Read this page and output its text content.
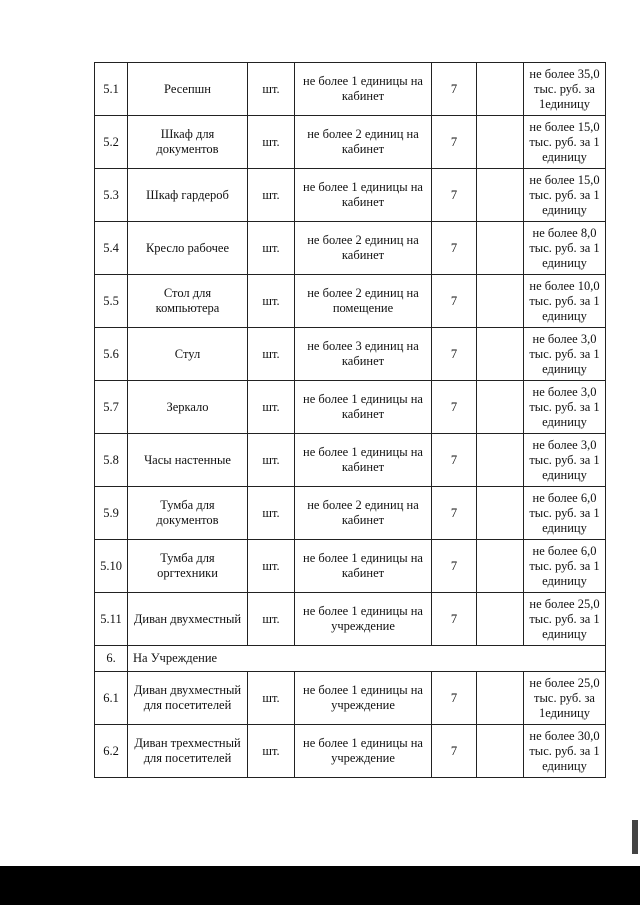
5.1	Ресепшн	шт.	не более 1 единицы на кабинет	7		не более 35,0 тыс. руб. за 1единицу
5.2	Шкаф для документов	шт.	не более 2 единиц на кабинет	7		не более 15,0 тыс. руб. за 1 единицу
5.3	Шкаф гардероб	шт.	не более 1 единицы на кабинет	7		не более 15,0 тыс. руб. за 1 единицу
5.4	Кресло рабочее	шт.	не более 2 единиц на кабинет	7		не более 8,0 тыс. руб. за 1 единицу
5.5	Стол для компьютера	шт.	не более 2 единиц на помещение	7		не более 10,0 тыс. руб. за 1 единицу
5.6	Стул	шт.	не более 3 единиц на кабинет	7		не более 3,0 тыс. руб. за 1 единицу
5.7	Зеркало	шт.	не более 1 единицы на кабинет	7		не более 3,0 тыс. руб. за 1 единицу
5.8	Часы настенные	шт.	не более 1 единицы на кабинет	7		не более 3,0 тыс. руб. за 1 единицу
5.9	Тумба для документов	шт.	не более 2 единиц на кабинет	7		не более 6,0 тыс. руб. за 1 единицу
5.10	Тумба для оргтехники	шт.	не более 1 единицы на кабинет	7		не более 6,0 тыс. руб. за 1 единицу
5.11	Диван двухместный	шт.	не более 1 единицы на учреждение	7		не более 25,0 тыс. руб. за 1 единицу
6.	На Учреждение					
6.1	Диван двухместный для посетителей	шт.	не более 1 единицы на учреждение	7		не более 25,0 тыс. руб. за 1единицу
6.2	Диван трехместный для посетителей	шт.	не более 1 единицы на учреждение	7		не более 30,0 тыс. руб. за 1 единицу
